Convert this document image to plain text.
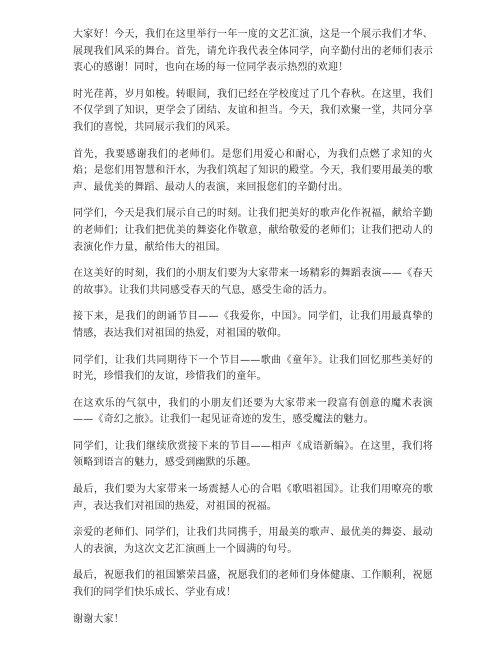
大家好！今天，我们在这里举行一年一度的文艺汇演，这是一个展示我们才华、展现我们风采的舞台。首先，请允许我代表全体同学，向辛勤付出的老师们表示衷心的感谢！同时，也向在场的每一位同学表示热烈的欢迎！

时光荏苒，岁月如梭。转眼间，我们已经在学校度过了几个春秋。在这里，我们不仅学到了知识，更学会了团结、友谊和担当。今天，我们欢聚一堂，共同分享我们的喜悦，共同展示我们的风采。

首先，我要感谢我们的老师们。是您们用爱心和耐心，为我们点燃了求知的火焰；是您们用智慧和汗水，为我们筑起了知识的殿堂。今天，我们要用最美的歌声、最优美的舞蹈、最动人的表演，来回报您们的辛勤付出。

同学们，今天是我们展示自己的时刻。让我们把美好的歌声化作祝福，献给辛勤的老师们；让我们把优美的舞姿化作敬意，献给敬爱的老师们；让我们把动人的表演化作力量，献给伟大的祖国。

在这美好的时刻，我们的小朋友们要为大家带来一场精彩的舞蹈表演——《春天的故事》。让我们共同感受春天的气息，感受生命的活力。

接下来，是我们的朗诵节目——《我爱你，中国》。同学们，让我们用最真挚的情感，表达我们对祖国的热爱，对祖国的敬仰。

同学们，让我们共同期待下一个节目——歌曲《童年》。让我们回忆那些美好的时光，珍惜我们的友谊，珍惜我们的童年。

在这欢乐的气氛中，我们的小朋友们还要为大家带来一段富有创意的魔术表演——《奇幻之旅》。让我们一起见证奇迹的发生，感受魔法的魅力。

同学们，让我们继续欣赏接下来的节目——相声《成语新编》。在这里，我们将领略到语言的魅力，感受到幽默的乐趣。

最后，我们要为大家带来一场震撼人心的合唱《歌唱祖国》。让我们用嘹亮的歌声，表达我们对祖国的热爱，对祖国的祝福。

亲爱的老师们、同学们，让我们共同携手，用最美的歌声、最优美的舞姿、最动人的表演，为这次文艺汇演画上一个圆满的句号。

最后，祝愿我们的祖国繁荣昌盛，祝愿我们的老师们身体健康、工作顺利，祝愿我们的同学们快乐成长、学业有成！

谢谢大家！
